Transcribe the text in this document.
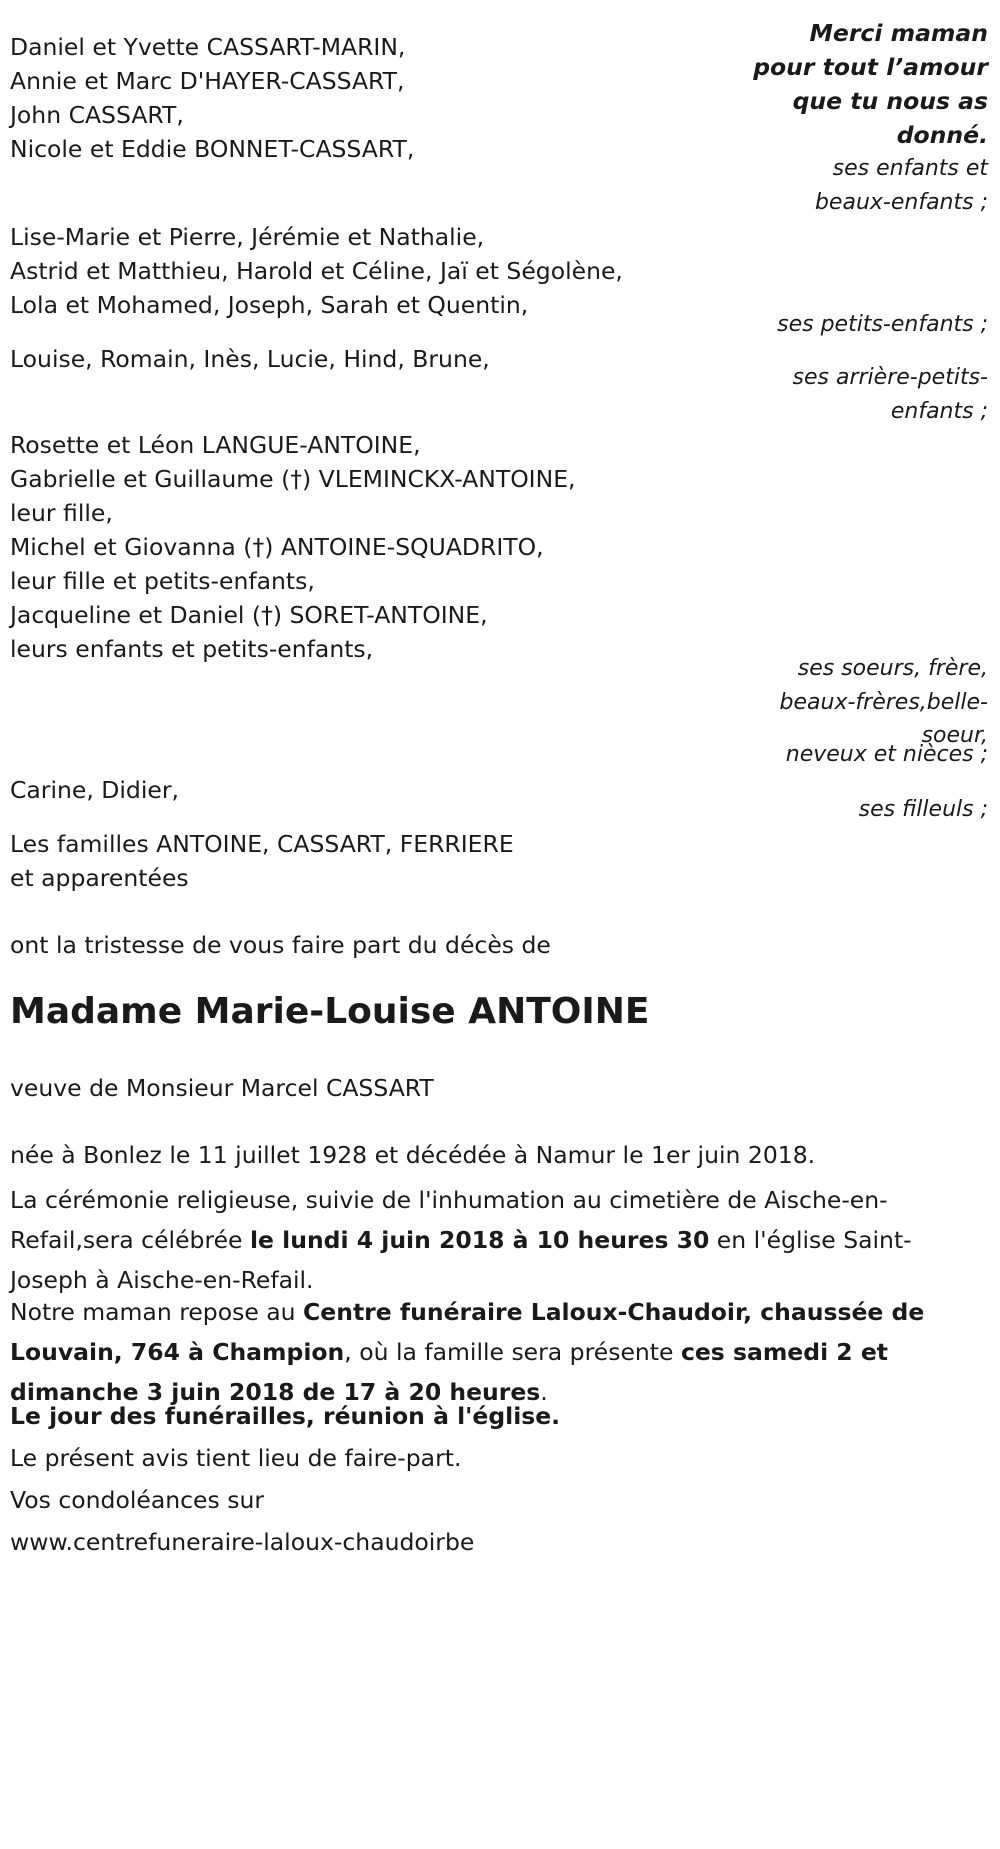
Daniel et Yvette CASSART-MARIN,
Annie et Marc D'HAYER-CASSART,
John CASSART,
Nicole et Eddie BONNET-CASSART,
Merci maman
pour tout l’amour
que tu nous as
donné.
ses enfants et
beaux-enfants ;
Lise-Marie et Pierre, Jérémie et Nathalie,
Astrid et Matthieu, Harold et Céline, Jaï et Ségolène,
Lola et Mohamed, Joseph, Sarah et Quentin,
ses petits-enfants ;
Louise, Romain, Inès, Lucie, Hind, Brune,
ses arrière-petits-
enfants ;
Rosette et Léon LANGUE-ANTOINE,
Gabrielle et Guillaume (†) VLEMINCKX-ANTOINE,
leur fille,
Michel et Giovanna (†) ANTOINE-SQUADRITO,
leur fille et petits-enfants,
Jacqueline et Daniel (†) SORET-ANTOINE,
leurs enfants et petits-enfants,
ses soeurs, frère,
beaux-frères,belle-
soeur,
neveux et nièces ;
Carine, Didier,
ses filleuls ;
Les familles ANTOINE, CASSART, FERRIERE
et apparentées
ont la tristesse de vous faire part du décès de
Madame Marie-Louise ANTOINE
veuve de Monsieur Marcel CASSART
née à Bonlez le 11 juillet 1928 et décédée à Namur le 1er juin 2018.
La cérémonie religieuse, suivie de l'inhumation au cimetière de Aische-en-Refail,sera célébrée le lundi 4 juin 2018 à 10 heures 30 en l'église Saint-Joseph à Aische-en-Refail.
Notre maman repose au Centre funéraire Laloux-Chaudoir, chaussée de Louvain, 764 à Champion, où la famille sera présente ces samedi 2 et dimanche 3 juin 2018 de 17 à 20 heures.
Le jour des funérailles, réunion à l'église.
Le présent avis tient lieu de faire-part.
Vos condoléances sur
www.centrefuneraire-laloux-chaudoirbe
